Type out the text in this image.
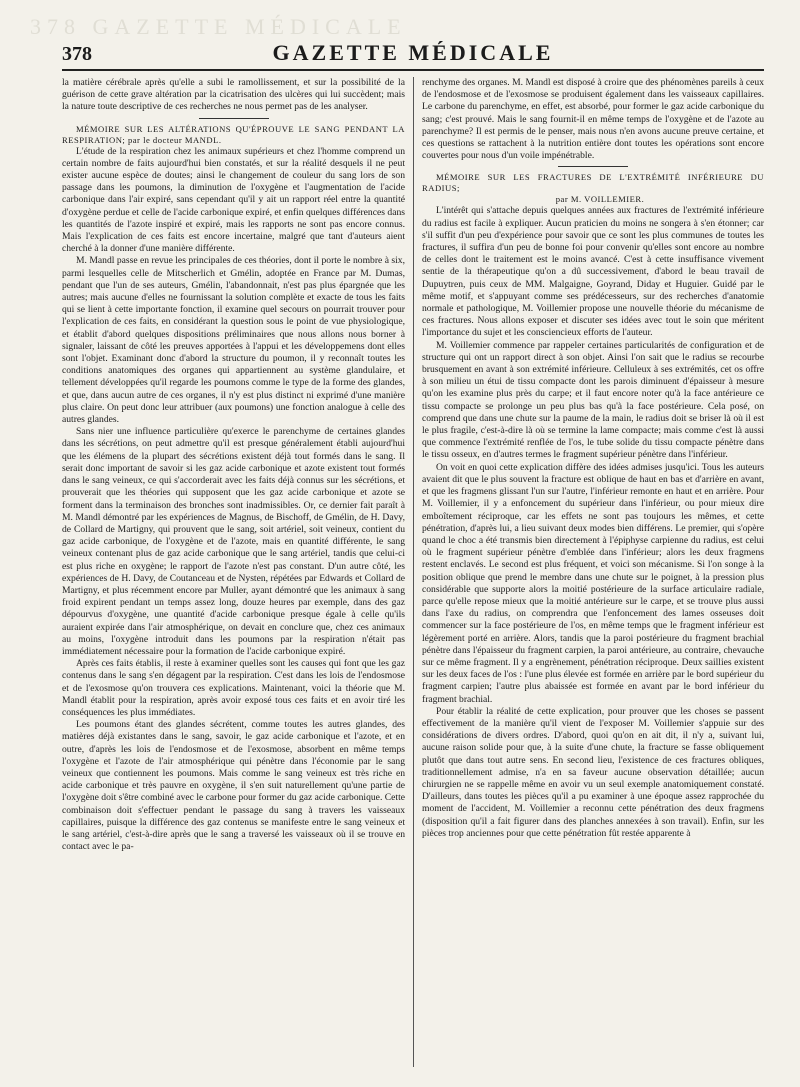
378 GAZETTE MÉDICALE
378	GAZETTE MÉDICALE

la matière cérébrale après qu'elle a subi le ramollissement, et sur la possibilité de la guérison de cette grave altération par la cicatrisation des ulcères qui lui succèdent; mais la nature toute descriptive de ces recherches ne nous permet pas de les analyser.

MÉMOIRE SUR LES ALTÉRATIONS QU'ÉPROUVE LE SANG PENDANT LA RESPIRATION; par le docteur MANDL.

L'étude de la respiration chez les animaux supérieurs et chez l'homme comprend un certain nombre de faits aujourd'hui bien constatés, et sur la réalité desquels il ne peut exister aucune espèce de doutes; ainsi le changement de couleur du sang lors de son passage dans les poumons, la diminution de l'oxygène et l'augmentation de l'acide carbonique dans l'air expiré, sans cependant qu'il y ait un rapport réel entre la quantité d'oxygène perdue et celle de l'acide carbonique expiré, et enfin quelques différences dans les quantités de l'azote inspiré et expiré, mais les rapports ne sont pas encore connus. Mais l'explication de ces faits est encore incertaine, malgré que tant d'auteurs aient cherché à la donner d'une manière différente.

M. Mandl passe en revue les principales de ces théories, dont il porte le nombre à six, parmi lesquelles celle de Mitscherlich et Gmélin, adoptée en France par M. Dumas, pendant que l'un de ses auteurs, Gmélin, l'abandonnait, n'est pas plus épargnée que les autres; mais aucune d'elles ne fournissant la solution complète et exacte de tous les faits qui se lient à cette importante fonction, il examine quel secours on pourrait trouver pour l'explication de ces faits, en considérant la question sous le point de vue physiologique, et établit d'abord quelques dispositions préliminaires que nous allons nous borner à signaler, laissant de côté les preuves apportées à l'appui et les développemens dont elles sont l'objet. Examinant donc d'abord la structure du poumon, il y reconnaît toutes les conditions anatomiques des organes qui appartiennent au système glandulaire, et tellement développées qu'il regarde les poumons comme le type de la forme des glandes, et que, dans aucun autre de ces organes, il n'y est plus distinct ni exprimé d'une manière plus claire. On peut donc leur attribuer (aux poumons) une fonction analogue à celle des autres glandes.

Sans nier une influence particulière qu'exerce le parenchyme de certaines glandes dans les sécrétions, on peut admettre qu'il est presque généralement établi aujourd'hui que les élémens de la plupart des sécrétions existent déjà tout formés dans le sang. Il serait donc important de savoir si les gaz acide carbonique et azote existent tout formés dans le sang veineux, ce qui s'accorderait avec les faits déjà connus sur les sécrétions, et prouverait que les théories qui supposent que les gaz acide carbonique et azote se forment dans la terminaison des bronches sont inadmissibles. Or, ce dernier fait paraît à M. Mandl démontré par les expériences de Magnus, de Bischoff, de Gmélin, de H. Davy, de Collard de Martigny, qui prouvent que le sang, soit artériel, soit veineux, contient du gaz acide carbonique, de l'oxygène et de l'azote, mais en quantité différente, le sang veineux contenant plus de gaz acide carbonique que le sang artériel, tandis que celui-ci est plus riche en oxygène; le rapport de l'azote n'est pas constant. D'un autre côté, les expériences de H. Davy, de Coutanceau et de Nysten, répétées par Edwards et Collard de Martigny, et plus récemment encore par Muller, ayant démontré que les animaux à sang froid expirent pendant un temps assez long, douze heures par exemple, dans des gaz dépourvus d'oxygène, une quantité d'acide carbonique presque égale à celle qu'ils auraient expirée dans l'air atmosphérique, on devait en conclure que, chez ces animaux au moins, l'oxygène introduit dans les poumons par la respiration n'était pas immédiatement nécessaire pour la formation de l'acide carbonique expiré.

Après ces faits établis, il reste à examiner quelles sont les causes qui font que les gaz contenus dans le sang s'en dégagent par la respiration. C'est dans les lois de l'endosmose et de l'exosmose qu'on trouvera ces explications. Maintenant, voici la théorie que M. Mandl établit pour la respiration, après avoir exposé tous ces faits et en avoir tiré les conséquences les plus immédiates.

Les poumons étant des glandes sécrétent, comme toutes les autres glandes, des matières déjà existantes dans le sang, savoir, le gaz acide carbonique et l'azote, et en outre, d'après les lois de l'endosmose et de l'exosmose, absorbent en même temps l'oxygène et l'azote de l'air atmosphérique qui pénètre dans l'économie par le sang veineux que contiennent les poumons. Mais comme le sang veineux est très riche en acide carbonique et très pauvre en oxygène, il s'en suit naturellement qu'une partie de l'oxygène doit s'être combiné avec le carbone pour former du gaz acide carbonique. Cette combinaison doit s'effectuer pendant le passage du sang à travers les vaisseaux capillaires, puisque la différence des gaz contenus se manifeste entre le sang veineux et le sang artériel, c'est-à-dire après que le sang a traversé les vaisseaux où il se trouve en contact avec le pa-

renchyme des organes. M. Mandl est disposé à croire que des phénomènes pareils à ceux de l'endosmose et de l'exosmose se produisent également dans les vaisseaux capillaires. Le carbone du parenchyme, en effet, est absorbé, pour former le gaz acide carbonique du sang; c'est prouvé. Mais le sang fournit-il en même temps de l'oxygène et de l'azote au parenchyme? Il est permis de le penser, mais nous n'en avons aucune preuve certaine, et ces questions se rattachent à la nutrition entière dont toutes les opérations sont encore couvertes pour nous d'un voile impénétrable.

MÉMOIRE SUR LES FRACTURES DE L'EXTRÉMITÉ INFÉRIEURE DU RADIUS;
par M. VOILLEMIER.

L'intérêt qui s'attache depuis quelques années aux fractures de l'extrémité inférieure du radius est facile à expliquer. Aucun praticien du moins ne songera à s'en étonner; car s'il suffit d'un peu d'expérience pour savoir que ce sont les plus communes de toutes les fractures, il suffira d'un peu de bonne foi pour convenir qu'elles sont encore au nombre de celles dont le traitement est le moins avancé. C'est à cette insuffisance vivement sentie de la thérapeutique qu'on a dû successivement, d'abord le beau travail de Dupuytren, puis ceux de MM. Malgaigne, Goyrand, Diday et Huguier. Guidé par le même motif, et s'appuyant comme ses prédécesseurs, sur des recherches d'anatomie normale et pathologique, M. Voillemier propose une nouvelle théorie du mécanisme de ces fractures. Nous allons exposer et discuter ses idées avec tout le soin que méritent l'importance du sujet et les consciencieux efforts de l'auteur.

M. Voillemier commence par rappeler certaines particularités de configuration et de structure qui ont un rapport direct à son objet. Ainsi l'on sait que le radius se recourbe brusquement en avant à son extrémité inférieure. Celluleux à ses extrémités, cet os offre à son milieu un étui de tissu compacte dont les parois diminuent d'épaisseur à mesure qu'on les examine plus près du carpe; et il faut encore noter qu'à la face antérieure ce tissu compacte se prolonge un peu plus bas qu'à la face postérieure. Cela posé, on comprend que dans une chute sur la paume de la main, le radius doit se briser là où il est le plus fragile, c'est-à-dire là où se termine la lame compacte; mais comme c'est là aussi que commence l'extrémité renflée de l'os, le tube solide du tissu compacte pénètre dans le tissu osseux, en d'autres termes le fragment supérieur pénètre dans l'inférieur.

On voit en quoi cette explication diffère des idées admises jusqu'ici. Tous les auteurs avaient dit que le plus souvent la fracture est oblique de haut en bas et d'arrière en avant, et que les fragmens glissant l'un sur l'autre, l'inférieur remonte en haut et en arrière. Pour M. Voillemier, il y a enfoncement du supérieur dans l'inférieur, ou pour mieux dire emboîtement réciproque, car les effets ne sont pas toujours les mêmes, et cette pénétration, d'après lui, a lieu suivant deux modes bien différens. Le premier, qui s'opère quand le choc a été transmis bien directement à l'épiphyse carpienne du radius, est celui où le fragment supérieur pénètre d'emblée dans l'inférieur; alors les deux fragmens restent enclavés. Le second est plus fréquent, et voici son mécanisme. Si l'on songe à la position oblique que prend le membre dans une chute sur le poignet, à la pression plus considérable que supporte alors la moitié postérieure de la surface articulaire radiale, parce qu'elle repose mieux que la moitié antérieure sur le carpe, et se trouve plus aussi dans l'axe du radius, on comprendra que l'enfoncement des lames osseuses doit commencer sur la face postérieure de l'os, en même temps que le fragment inférieur est légèrement porté en arrière. Alors, tandis que la paroi postérieure du fragment brachial pénètre dans l'épaisseur du fragment carpien, la paroi antérieure, au contraire, chevauche sur ce même fragment. Il y a engrènement, pénétration réciproque. Deux saillies existent sur les deux faces de l'os : l'une plus élevée est formée en arrière par le bord supérieur du fragment carpien; l'autre plus abaissée est formée en avant par le bord inférieur du fragment brachial.

Pour établir la réalité de cette explication, pour prouver que les choses se passent effectivement de la manière qu'il vient de l'exposer M. Voillemier s'appuie sur des considérations de divers ordres. D'abord, quoi qu'on en ait dit, il n'y a, suivant lui, aucune raison solide pour que, à la suite d'une chute, la fracture se fasse obliquement plutôt que dans tout autre sens. En second lieu, l'existence de ces fractures obliques, traditionnellement admise, n'a en sa faveur aucune observation détaillée; aucun chirurgien ne se rappelle même en avoir vu un seul exemple anatomiquement constaté. D'ailleurs, dans toutes les pièces qu'il a pu examiner à une époque assez rapprochée du moment de l'accident, M. Voillemier a reconnu cette pénétration des deux fragmens (disposition qu'il a fait figurer dans des planches annexées à son travail). Enfin, sur les pièces trop anciennes pour que cette pénétration fût restée apparente à
